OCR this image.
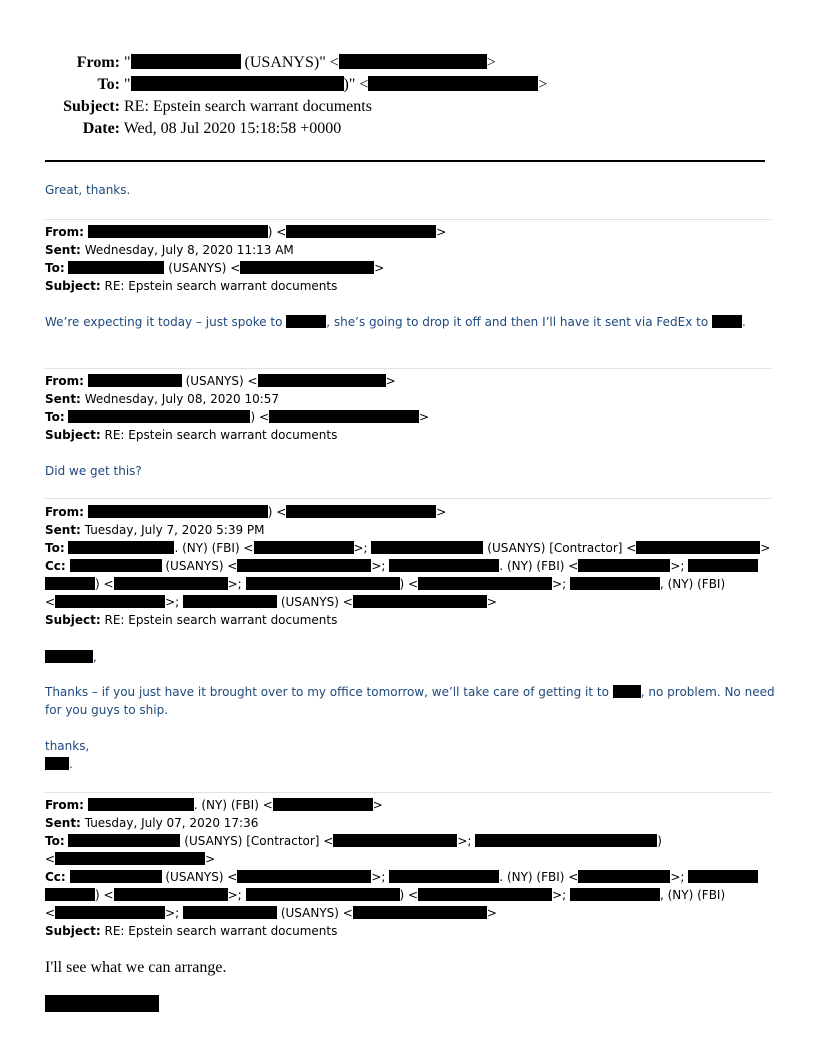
From: "	(USANYS)" <	>
To: "	)" <	>
Subject: RE: Epstein search warrant documents
Date: Wed, 08 Jul 2020 15:18:58 +0000
Great, thanks.
From:	) <	>
Sent: Wednesday, July 8, 2020 11:13 AM
To:	(USANYS) <	>
Subject: RE: Epstein search warrant documents
We’re expecting it today – just spoke to	, she’s going to drop it off and then I’ll have it sent via FedEx to	.
From:	(USANYS) <	>
Sent: Wednesday, July 08, 2020 10:57
To:	) <	>
Subject: RE: Epstein search warrant documents
Did we get this?
From:	) <	>
Sent: Tuesday, July 7, 2020 5:39 PM
To:	. (NY) (FBI) <	>;	(USANYS) [Contractor] <	>
Cc:	(USANYS) <	>;	. (NY) (FBI) <	>;
) <	>;	) <	>;	, (NY) (FBI)
<	>;	(USANYS) <	>
Subject: RE: Epstein search warrant documents
,
Thanks – if you just have it brought over to my office tomorrow, we’ll take care of getting it to	, no problem. No need
for you guys to ship.
thanks,
.
From:	. (NY) (FBI) <	>
Sent: Tuesday, July 07, 2020 17:36
To:	(USANYS) [Contractor] <	>;	)
<	>
Cc:	(USANYS) <	>;	. (NY) (FBI) <	>;
) <	>;	) <	>;	, (NY) (FBI)
<	>;	(USANYS) <	>
Subject: RE: Epstein search warrant documents
I'll see what we can arrange.
